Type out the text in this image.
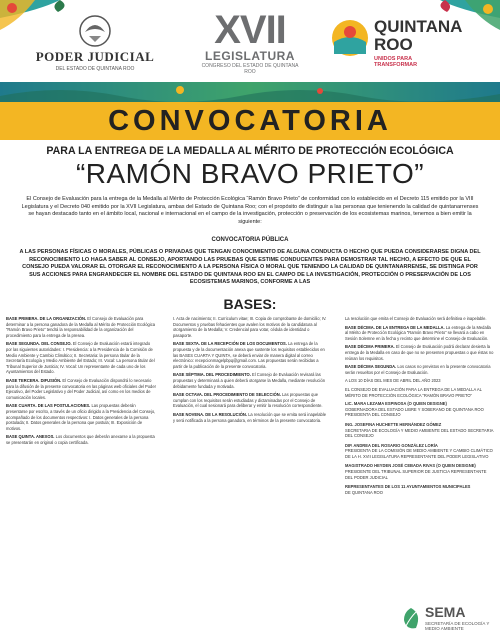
PODER JUDICIAL
DEL ESTADO DE QUINTANA ROO
XVII
LEGISLATURA
CONGRESO DEL ESTADO DE QUINTANA ROO
QUINTANA
ROO
UNIDOS PARA TRANSFORMAR
CONVOCATORIA
PARA LA ENTREGA DE LA MEDALLA AL MÉRITO DE PROTECCIÓN ECOLÓGICA
“RAMÓN BRAVO PRIETO”
El Consejo de Evaluación para la entrega de la Medalla al Mérito de Protección Ecológica “Ramón Bravo Prieto” de conformidad con lo establecido en el Decreto 115 emitido por la VIII Legislatura y el Decreto 040 emitido por la XVII Legislatura, ambas del Estado de Quintana Roo; con el propósito de distinguir a las personas que tenienendo la calidad de quintanarrenses se hayan destacado tanto en el ámbito local, nacional e internacional en el campo de la investigación, protección o preservación de los ecosistemas marinos, tenemos a bien emitir la siguiente:
CONVOCATORIA PÚBLICA
A LAS PERSONAS FÍSICAS O MORALES, PÚBLICAS O PRIVADAS QUE TENGAN CONOCIMIENTO DE ALGUNA CONDUCTA O HECHO QUE PUEDA CONSIDERARSE DIGNA DEL RECONOCIMIENTO LO HAGA SABER AL CONSEJO, APORTANDO LAS PRUEBAS QUE ESTIME CONDUCENTES PARA DEMOSTRAR TAL HECHO, A EFECTO DE QUE EL CONSEJO PUEDA VALORAR EL OTORGAR EL RECONOCIMIENTO A LA PERSONA FÍSICA O MORAL QUE TENIENDO LA CALIDAD DE QUINTANARRENSE, SE DISTINGA POR SUS ACCIONES PARA ENGRANDECER EL NOMBRE DEL ESTADO DE QUINTANA ROO EN EL CAMPO DE LA INVESTIGACIÓN, PROTECCIÓN O PRESERVACIÓN DE LOS ECOSISTEMAS MARINOS, CONFORME A LAS
BASES:

BASE PRIMERA. DE LA ORGANIZACIÓN. El Consejo de Evaluación para determinar a la persona ganadora de la Medalla al Mérito de Protección Ecológica “Ramón Bravo Prieto” tendrá la responsabilidad de la organización del procedimiento para la entrega de la presea.

BASE SEGUNDA. DEL CONSEJO. El Consejo de Evaluación estará integrado por las siguientes autoridades: I. Presidencia: a la Presidencia de la Comisión de Medio Ambiente y Cambio Climático; II. Secretaria: la persona titular de la Secretaría Ecología y Medio Ambiente del Estado; III. Vocal: La persona titular del Tribunal Superior de Justicia; IV. Vocal: Un representante de cada uno de los Ayuntamientos del Estado.

BASE TERCERA. DIFUSIÓN. El Consejo de Evaluación dispondrá lo necesario para la difusión de la presente convocatoria en las páginas web oficiales del Poder Ejecutivo, del Poder Legislativo y del Poder Judicial, así como en los medios de comunicación locales.

BASE CUARTA. DE LAS POSTULACIONES. Las propuestas deberán presentarse por escrito, a través de un oficio dirigido a la Presidencia del Consejo, acompañado de los documentos respectivos: I. Datos generales de la persona postulada; II. Datos generales de la persona que postula; III. Exposición de motivos.

BASE QUINTA. ANEXOS. Los documentos que deberán anexarse a la propuesta se presentarán en original o copia certificada.

I. Acta de nacimiento; II. Curriculum vitae; III. Copia de comprobante de domicilio; IV. Documentos y pruebas fehacientes que avalen los motivos de la candidatura al otorgamiento de la Medalla; V. Credencial para votar, cédula de identidad o pasaporte.

BASE SEXTA. DE LA RECEPCIÓN DE LOS DOCUMENTOS. La entrega de la propuesta y de la documentación anexa que sustente los requisitos establecidos en las BASES CUARTA Y QUINTA, se deberá enviar de manera digital al correo electrónico: recepcionmagelpbpq@gmail.com. Las propuestas serán recibidas a partir de la publicación de la presente convocatoria.

BASE SÉPTIMA. DEL PROCEDIMIENTO. El Consejo de Evaluación revisará las propuestas y determinará a quien deberá otorgarse la Medalla, mediante resolución debidamente fundada y motivada.

BASE OCTAVA. DEL PROCEDIMIENTO DE SELECCIÓN. Las propuestas que cumplan con los requisitos serán estudiadas y dictaminadas por el Consejo de Evaluación, el cual sesionará para deliberar y emitir la resolución correspondiente.

BASE NOVENA. DE LA RESOLUCIÓN. La resolución que se emita será inapelable y será notificada a la persona ganadora, en términos de la presente convocatoria.

La resolución que emita el Consejo de Evaluación será definitiva e inapelable.

BASE DÉCIMA. DE LA ENTREGA DE LA MEDALLA. La entrega de la Medalla al Mérito de Protección Ecológica “Ramón Bravo Prieto” se llevará a cabo en Sesión Solemne en la fecha y recinto que determine el Consejo de Evaluación.

BASE DÉCIMA PRIMERA. El Consejo de Evaluación podrá declarar desierta la entrega de la Medalla en caso de que no se presenten propuestas o que éstas no reúnan los requisitos.

BASE DÉCIMA SEGUNDA. Los casos no previstos en la presente convocatoria serán resueltos por el Consejo de Evaluación.

A LOS 10 DÍAS DEL MES DE ABRIL DEL AÑO 2023

EL CONSEJO DE EVALUACIÓN PARA LA ENTREGA DE LA MEDALLA AL MÉRITO DE PROTECCIÓN ECOLÓGICA “RAMÓN BRAVO PRIETO”

LIC. MARA LEZAMA ESPINOSA (O QUIEN DESIGNE)
GOBERNADORA DEL ESTADO LIBRE Y SOBERANO DE QUINTANA ROO PRESIDENTA DEL CONSEJO
ING. JOSEFINA HUCHETTE HERNÁNDEZ GÓMEZ
SECRETARIA DE ECOLOGÍA Y MEDIO AMBIENTE DEL ESTADO SECRETARIA DEL CONSEJO
DIP. ANDREA DEL ROSARIO GONZÁLEZ LORÍA
PRESIDENTA DE LA COMISIÓN DE MEDIO AMBIENTE Y CAMBIO CLIMÁTICO DE LA H. XVII LEGISLATURA REPRESENTANTE DEL PODER LEGISLATIVO
MAGISTRADO HEYDEN JOSÉ CEBADA RIVAS (O QUIEN DESIGNE)
PRESIDENTE DEL TRIBUNAL SUPERIOR DE JUSTICIA REPRESENTANTE DEL PODER JUDICIAL
REPRESENTANTES DE LOS 11 AYUNTAMIENTOS MUNICIPALES
DE QUINTANA ROO
SEMA
SECRETARÍA DE ECOLOGÍA Y MEDIO AMBIENTE
